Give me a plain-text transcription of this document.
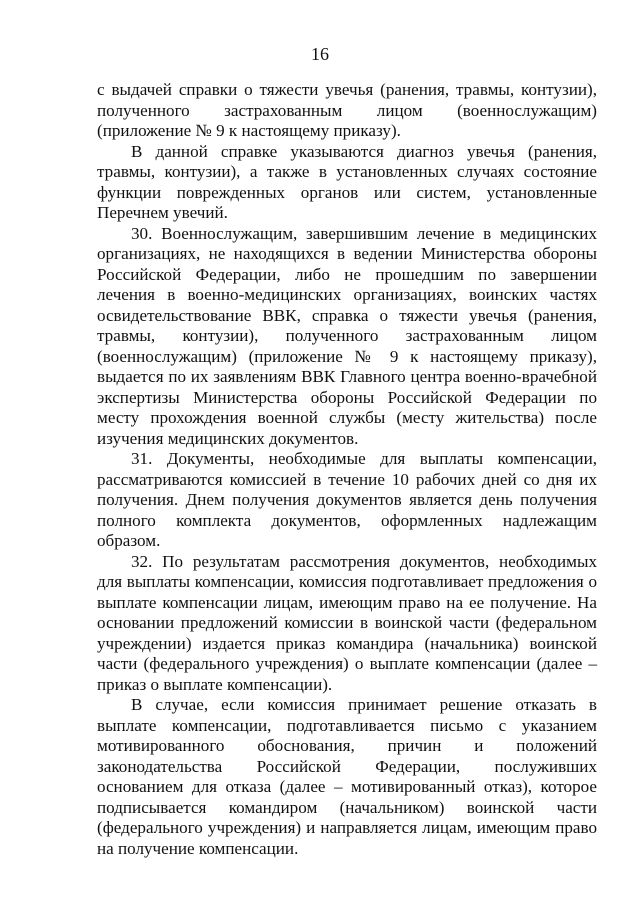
16

с выдачей справки о тяжести увечья (ранения, травмы, контузии), полученного застрахованным лицом (военнослужащим) (приложение № 9 к настоящему приказу).

В данной справке указываются диагноз увечья (ранения, травмы, контузии), а также в установленных случаях состояние функции поврежденных органов или систем, установленные Перечнем увечий.

30. Военнослужащим, завершившим лечение в медицинских организациях, не находящихся в ведении Министерства обороны Российской Федерации, либо не прошедшим по завершении лечения в военно-медицинских организациях, воинских частях освидетельствование ВВК, справка о тяжести увечья (ранения, травмы, контузии), полученного застрахованным лицом (военнослужащим) (приложение № 9 к настоящему приказу), выдается по их заявлениям ВВК Главного центра военно-врачебной экспертизы Министерства обороны Российской Федерации по месту прохождения военной службы (месту жительства) после изучения медицинских документов.

31. Документы, необходимые для выплаты компенсации, рассматриваются комиссией в течение 10 рабочих дней со дня их получения. Днем получения документов является день получения полного комплекта документов, оформленных надлежащим образом.

32. По результатам рассмотрения документов, необходимых для выплаты компенсации, комиссия подготавливает предложения о выплате компенсации лицам, имеющим право на ее получение. На основании предложений комиссии в воинской части (федеральном учреждении) издается приказ командира (начальника) воинской части (федерального учреждения) о выплате компенсации (далее – приказ о выплате компенсации).

В случае, если комиссия принимает решение отказать в выплате компенсации, подготавливается письмо с указанием мотивированного обоснования, причин и положений законодательства Российской Федерации, послуживших основанием для отказа (далее – мотивированный отказ), которое подписывается командиром (начальником) воинской части (федерального учреждения) и направляется лицам, имеющим право на получение компенсации.
